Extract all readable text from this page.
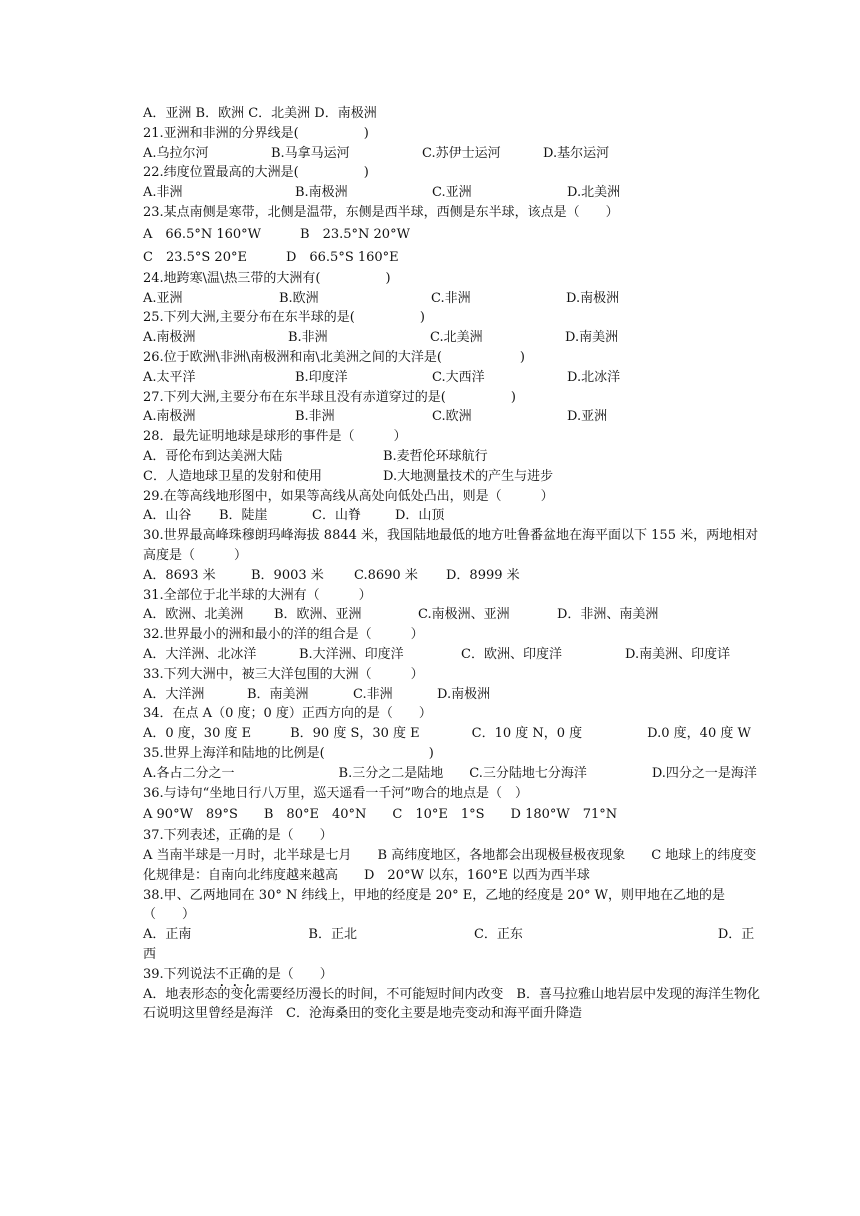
A．亚洲 B．欧洲 C．北美洲 D．南极洲
21.亚洲和非洲的分界线是(　　　　　)
A.乌拉尔河	B.马拿马运河	C.苏伊士运河	D.基尔运河
22.纬度位置最高的大洲是(　　　　　)
A.非洲	B.南极洲	C.亚洲	D.北美洲
23.某点南侧是寒带，北侧是温带，东侧是西半球，西侧是东半球，该点是（　　）
A　66.5°N 160°W　　　B　23.5°N 20°W
C　23.5°S 20°E　　　D　66.5°S 160°E
24.地跨寒\温\热三带的大洲有(　　　　　)
A.亚洲	B.欧洲	C.非洲	D.南极洲
25.下列大洲,主要分布在东半球的是(　　　　　)
A.南极洲	B.非洲	C.北美洲	D.南美洲
26.位于欧洲\非洲\南极洲和南\北美洲之间的大洋是(　　　　　　)
A.太平洋	B.印度洋	C.大西洋	D.北冰洋
27.下列大洲,主要分布在东半球且没有赤道穿过的是(　　　　　)
A.南极洲	B.非洲	C.欧洲	D.亚洲
28．最先证明地球是球形的事件是（　　　）
A．哥伦布到达美洲大陆	B.麦哲伦环球航行
C．人造地球卫星的发射和使用	D.大地测量技术的产生与进步
29.在等高线地形图中，如果等高线从高处向低处凸出，则是（　　　）
A．山谷	B．陡崖	C．山脊	D．山顶
30.世界最高峰珠穆朗玛峰海拔 8844 米，我国陆地最低的地方吐鲁番盆地在海平面以下 155 米，两地相对高度是（　　　）
A．8693 米	B．9003 米	C.8690 米	D．8999 米
31.全部位于北半球的大洲有（　　　）
A．欧洲、北美洲	B．欧洲、亚洲	C.南极洲、亚洲	D．非洲、南美洲
32.世界最小的洲和最小的洋的组合是（　　　）
A．大洋洲、北冰洋	B.大洋洲、印度洋	C．欧洲、印度洋	D.南美洲、印度详
33.下列大洲中，被三大洋包围的大洲（　　　）
A．大洋洲	B．南美洲	C.非洲	D.南极洲
34．在点 A（0 度；0 度）正西方向的是（　　）
A．0 度，30 度 E　　　B．90 度 S，30 度 E　　　　C．10 度 N，0 度　　　　　D.0 度，40 度 W
35.世界上海洋和陆地的比例是(　　　　　　　　)
A.各占二分之一　　　　　　　　B.三分之二是陆地　　C.三分陆地七分海洋　　　　　D.四分之一是海洋
36.与诗句“坐地日行八万里，巡天遥看一千河”吻合的地点是（　）
A 90°W　89°S　　B　80°E　40°N　　C　10°E　1°S　　D 180°W　71°N
37.下列表述，正确的是（　　）
A 当南半球是一月时，北半球是七月　　B 高纬度地区，各地都会出现极昼极夜现象　　C 地球上的纬度变化规律是：自南向北纬度越来越高　　D　20°W 以东，160°E 以西为西半球
38.甲、乙两地同在 30° N 纬线上，甲地的经度是 20° E，乙地的经度是 20° W，则甲地在乙地的是（　　）
A．正南　　　　　　　　　B．正北　　　　　　　　　C．正东　　　　　　　　　　　　　　　D．正西
39.下列说法不正确的是（　　）
A．地表形态的变化需要经历漫长的时间，不可能短时间内改变　B．喜马拉雅山地岩层中发现的海洋生物化石说明这里曾经是海洋　C．沧海桑田的变化主要是地壳变动和海平面升降造
